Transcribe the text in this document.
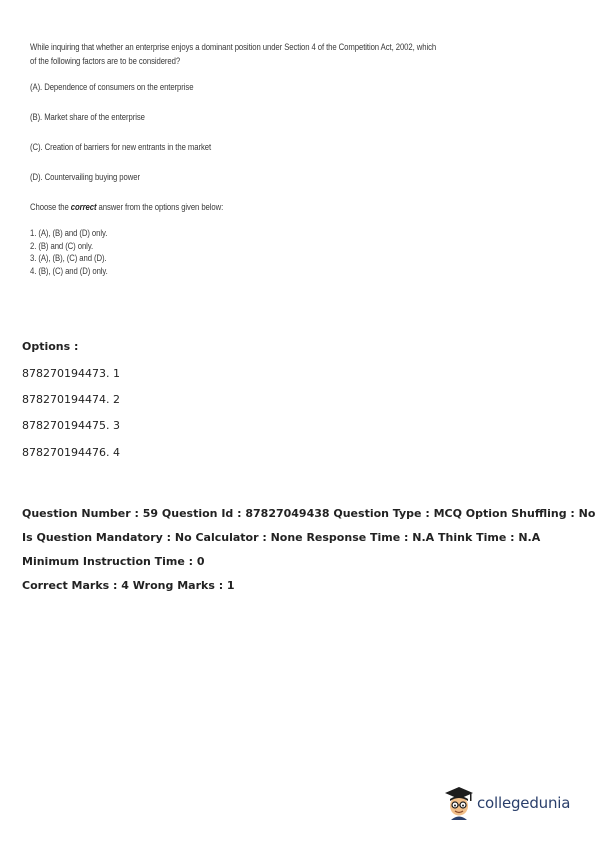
While inquiring that whether an enterprise enjoys a dominant position under Section 4 of the Competition Act, 2002, which
of the following factors are to be considered?

(A). Dependence of consumers on the enterprise

(B). Market share of the enterprise

(C). Creation of barriers for new entrants in the market

(D). Countervailing buying power

Choose the correct answer from the options given below:

1. (A), (B) and (D) only.
2. (B) and (C) only.
3. (A), (B), (C) and (D).
4. (B), (C) and (D) only.
Options :
878270194473. 1
878270194474. 2
878270194475. 3
878270194476. 4
Question Number : 59 Question Id : 87827049438 Question Type : MCQ Option Shuffling : No
Is Question Mandatory : No Calculator : None Response Time : N.A Think Time : N.A
Minimum Instruction Time : 0
Correct Marks : 4 Wrong Marks : 1
collegedunia
